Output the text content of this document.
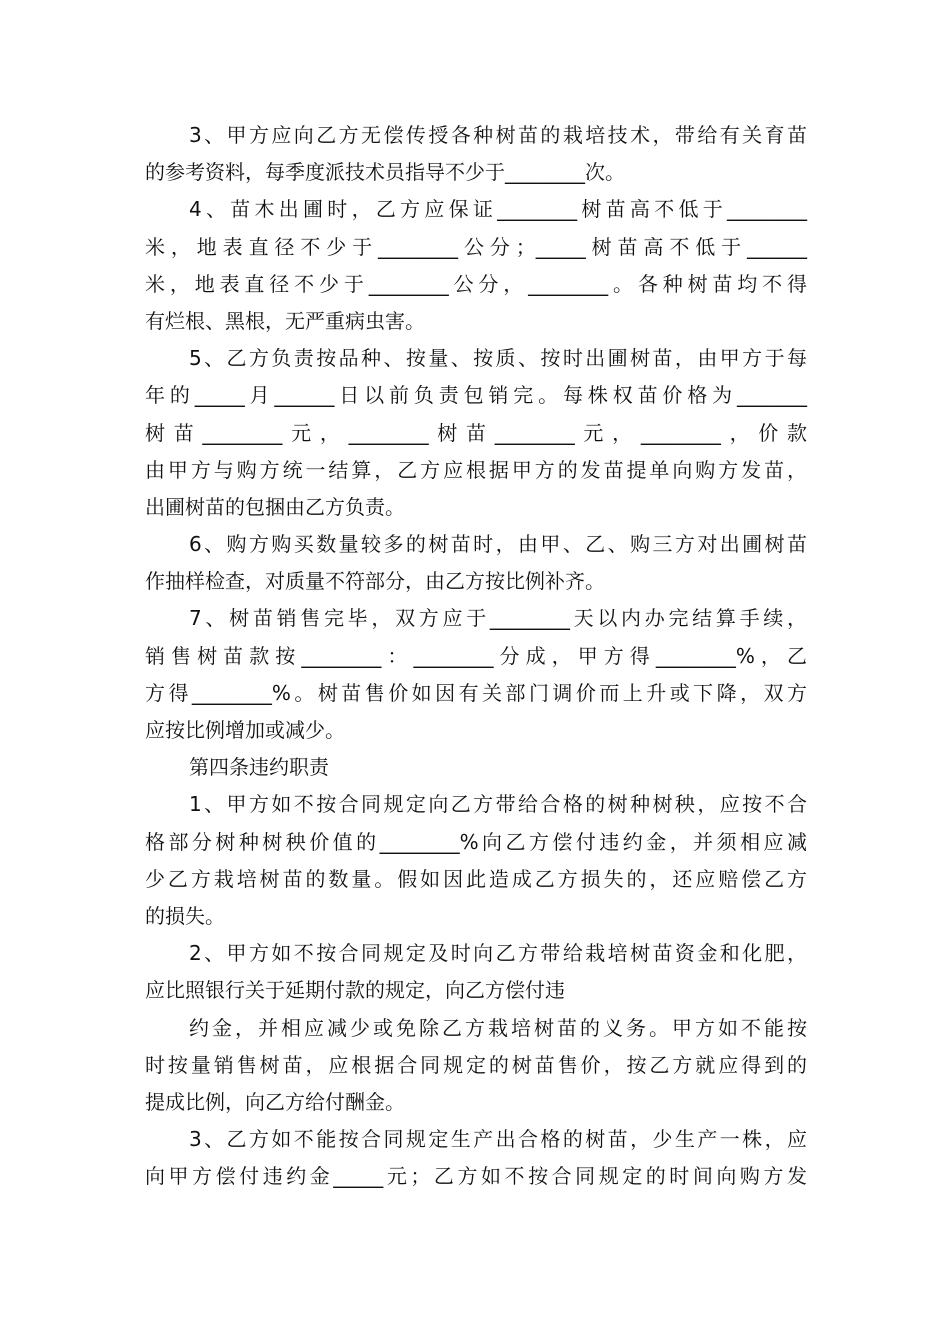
3、甲方应向乙方无偿传授各种树苗的栽培技术，带给有关育苗
的参考资料，每季度派技术员指导不少于________次。
4、苗木出圃时，乙方应保证________树苗高不低于________
米，地表直径不少于________公分；_____树苗高不低于______
米，地表直径不少于________公分，________。各种树苗均不得
有烂根、黑根，无严重病虫害。
5、乙方负责按品种、按量、按质、按时出圃树苗，由甲方于每
年的_____月______日以前负责包销完。每株权苗价格为_______
树苗________元，________树苗________元，________，价款
由甲方与购方统一结算，乙方应根据甲方的发苗提单向购方发苗，
出圃树苗的包捆由乙方负责。
6、购方购买数量较多的树苗时，由甲、乙、购三方对出圃树苗
作抽样检查，对质量不符部分，由乙方按比例补齐。
7、树苗销售完毕，双方应于________天以内办完结算手续，
销售树苗款按________：________分成，甲方得________%，乙
方得________%。树苗售价如因有关部门调价而上升或下降，双方
应按比例增加或减少。
第四条违约职责
1、甲方如不按合同规定向乙方带给合格的树种树秧，应按不合
格部分树种树秧价值的________%向乙方偿付违约金，并须相应减
少乙方栽培树苗的数量。假如因此造成乙方损失的，还应赔偿乙方
的损失。
2、甲方如不按合同规定及时向乙方带给栽培树苗资金和化肥，
应比照银行关于延期付款的规定，向乙方偿付违
约金，并相应减少或免除乙方栽培树苗的义务。甲方如不能按
时按量销售树苗，应根据合同规定的树苗售价，按乙方就应得到的
提成比例，向乙方给付酬金。
3、乙方如不能按合同规定生产出合格的树苗，少生产一株，应
向甲方偿付违约金_____元；乙方如不按合同规定的时间向购方发
